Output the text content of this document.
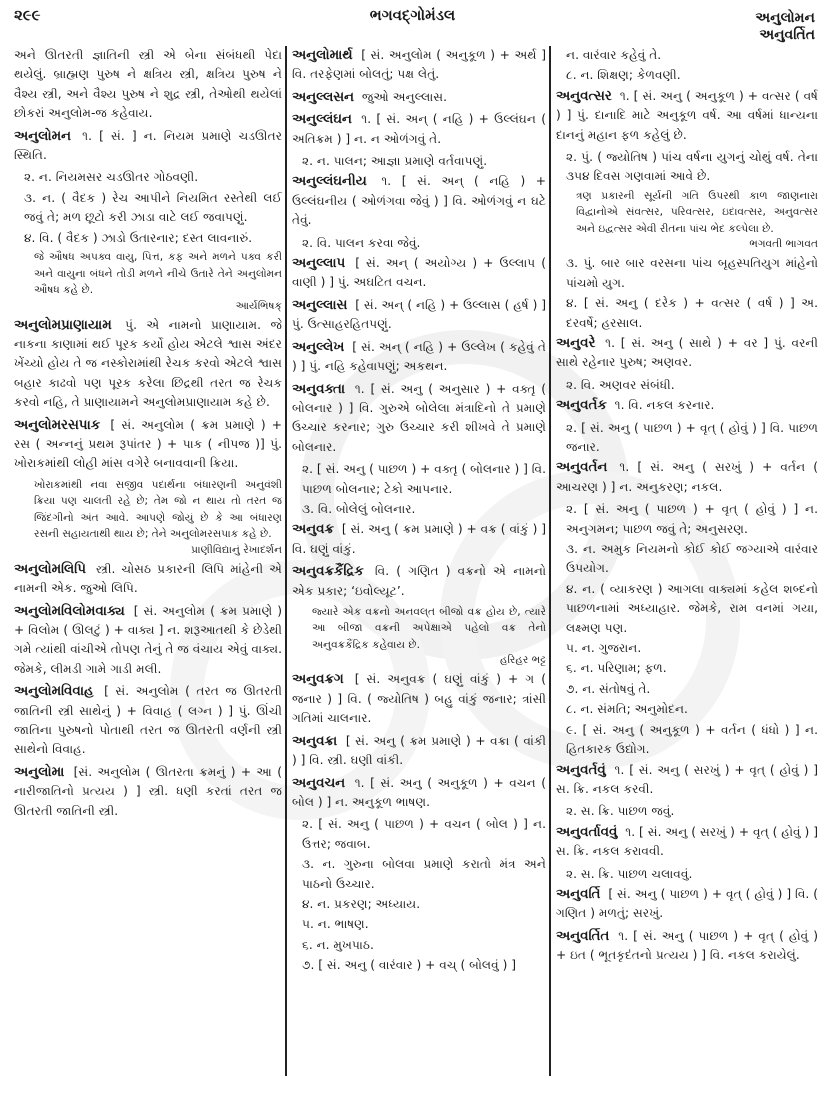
૨૯૯	ભગવદ્ગોમંડલ	અનુલોમન
અનુવર્તિત
અને ઊતરતી જ્ઞાતિની સ્ત્રી એ બેના સંબંધથી પેદા થયેલું. બ્રાહ્મણ પુરુષ ને ક્ષત્રિય સ્ત્રી, ક્ષત્રિય પુરુષ ને વૈશ્ય સ્ત્રી, અને વૈશ્ય પુરુષ ને શુદ્ર સ્ત્રી, તેઓથી થયેલાં છોકરાં અનુલોમ-જ કહેવાય.
અનુલોમન ૧. [ સં. ] ન. નિયમ પ્રમાણે ચડઊતર સ્થિતિ.
૨. ન. નિયમસર ચડઊતર ગોઠવણી.
૩. ન. ( વૈદક ) રેચ આપીને નિયમિત રસ્તેથી લઈ જવું તે; મળ છૂટો કરી ઝાડા વાટે લઈ જવાપણું.
૪. વિ. ( વૈદક ) ઝાડો ઉતારનાર; દસ્ત લાવનારું.
જે ઔષધ અપક્વ વાયુ, પિત્ત, કફ અને મળને પક્વ કરી અને વાયુના બંધને તોડી મળને નીચે ઉતારે તેને અનુલોમન ઔષધ કહે છે.
આર્યભિષક્
અનુલોમપ્રાણાયામ પું. એ નામનો પ્રાણાયામ. જે નાકના કાણામાં થઈ પૂરક કર્યો હોય એટલે શ્વાસ અંદર ખેંચ્યો હોય તે જ નસ્કોરામાંથી રેચક કરવો એટલે શ્વાસ બહાર કાઢવો પણ પૂરક કરેલા છિદ્રથી તરત જ રેચક કરવો નહિ, તે પ્રાણાયામને અનુલોમપ્રાણાયામ કહે છે.
અનુલોમરસપાક [ સં. અનુલોમ ( ક્રમ પ્રમાણે ) + રસ ( અન્નનું પ્રથમ રૂપાંતર ) + પાક ( નીપજ )] પું. ખોરાકમાંથી લોહી માંસ વગેરે બનાવવાની ક્રિયા.
ખોરાકમાંથી નવા સજીવ પદાર્થના બંધારણની અનુવંશી ક્રિયા પણ ચાલતી રહે છે; તેમ જો ન થાય તો તરત જ જિંદગીનો અંત આવે. આપણે જોયું છે કે આ બંધારણ રસની સહાયતાથી થાય છે; તેને અનુલોમરસપાક કહે છે.
પ્રાણીવિદ્યાનું રેખાદર્શન
અનુલોમલિપિ સ્ત્રી. ચોસઠ પ્રકારની લિપિ માંહેની એ નામની એક. જુઓ લિપિ.
અનુલોમવિલોમવાક્ય [ સં. અનુલોમ ( ક્રમ પ્રમાણે ) + વિલોમ ( ઊલટું ) + વાક્ય ] ન. શરૂઆતથી કે છેડેથી ગમે ત્યાંથી વાંચીએ તોપણ તેનું તે જ વંચાય એવું વાક્ય. જેમકે, લીમડી ગામે ગાડી મલી.
અનુલોમવિવાહ [ સં. અનુલોમ ( તરત જ ઊતરતી જાતિની સ્ત્રી સાથેનું ) + વિવાહ ( લગ્ન ) ] પું. ઊંચી જાતિના પુરુષનો પોતાથી તરત જ ઊતરતી વર્ણની સ્ત્રી સાથેનો વિવાહ.
અનુલોમા [સં. અનુલોમ ( ઊતરતા ક્રમનું ) + આ ( નારીજાતિનો પ્રત્યય ) ] સ્ત્રી. ધણી કરતાં તરત જ ઊતરતી જાતિની સ્ત્રી.
અનુલોમાર્થ [ સં. અનુલોમ ( અનુકૂળ ) + અર્થ ] વિ. તરફેણમાં બોલતું; પક્ષ લેતું.
અનુલ્લસન જુઓ અનુલ્લાસ.
અનુલ્લંઘન ૧. [ સં. અન્ ( નહિ ) + ઉલ્લંઘન ( અતિક્રમ ) ] ન. ન ઓળંગવું તે.
૨. ન. પાલન; આજ્ઞા પ્રમાણે વર્તવાપણું.
અનુલ્લંઘનીય ૧. [ સં. અન્ ( નહિ ) + ઉલ્લંઘનીય ( ઓળંગવા જેવું ) ] વિ. ઓળંગવું ન ઘટે તેવું.
૨. વિ. પાલન કરવા જેવું.
અનુલ્લાપ [ સં. અન્ ( અયોગ્ય ) + ઉલ્લાપ ( વાણી ) ] પું. અઘટિત વચન.
અનુલ્લાસ [ સં. અન્ ( નહિ ) + ઉલ્લાસ ( હર્ષ ) ] પું. ઉત્સાહરહિતપણું.
અનુલ્લેખ [ સં. અન્ ( નહિ ) + ઉલ્લેખ ( કહેવું તે ) ] પું. નહિ કહેવાપણું; અકથન.
અનુવક્તા ૧. [ સં. અનુ ( અનુસાર ) + વક્તૃ ( બોલનાર ) ] વિ. ગુરુએ બોલેલા મંત્રાદિનો તે પ્રમાણે ઉચ્ચાર કરનાર; ગુરુ ઉચ્ચાર કરી શીખવે તે પ્રમાણે બોલનાર.
૨. [ સં. અનુ ( પાછળ ) + વક્તૃ ( બોલનાર ) ] વિ. પાછળ બોલનાર; ટેકો આપનાર.
૩. વિ. બોલેલું બોલનાર.
અનુવક્ર [ સં. અનુ ( ક્રમ પ્રમાણે ) + વક્ર ( વાંકું ) ] વિ. ઘણું વાંકું.
અનુવક્રકૈંદ્રિક વિ. ( ગણિત ) વક્રનો એ નામનો એક પ્રકાર; ‘ઇવોલ્યૂટ’.
જ્યારે એક વક્રનો અનવલ્‌ત બીજો વક્ર હોય છે, ત્યારે આ બીજા વક્રની અપેક્ષાએ પહેલો વક્ર તેનો અનુવક્રકૈંદ્રિક કહેવાય છે.
હરિહર ભટ્ટ
અનુવક્રગ [ સં. અનુવક્ર ( ઘણું વાંકું ) + ગ ( જનાર ) ] વિ. ( જ્યોતિષ ) બહુ વાંકું જનાર; ત્રાંસી ગતિમાં ચાલનાર.
અનુવક્રા [ સં. અનુ ( ક્રમ પ્રમાણે ) + વક્રા ( વાંકી ) ] વિ. સ્ત્રી. ઘણી વાંકી.
અનુવચન ૧. [ સં. અનુ ( અનુકૂળ ) + વચન ( બોલ ) ] ન. અનુકૂળ ભાષણ.
૨. [ સં. અનુ ( પાછળ ) + વચન ( બોલ ) ] ન. ઉત્તર; જવાબ.
૩. ન. ગુરુના બોલવા પ્રમાણે કરાતો મંત્ર અને પાઠનો ઉચ્ચાર.
૪. ન. પ્રકરણ; અધ્યાય.
૫. ન. ભાષણ.
૬. ન. મુખપાઠ.
૭. [ સં. અનુ ( વારંવાર ) + વચ્ ( બોલવું ) ]
ન. વારંવાર કહેવું તે.
૮. ન. શિક્ષણ; કેળવણી.
અનુવત્સર ૧. [ સં. અનુ ( અનુકૂળ ) + વત્સર ( વર્ષ ) ] પું. દાનાદિ માટે અનુકૂળ વર્ષ. આ વર્ષમાં ધાન્યના દાનનું મહાન ફળ કહેલું છે.
૨. પું. ( જ્યોતિષ ) પાંચ વર્ષના યુગનું ચોથું વર્ષ. તેના ૩૫૪ દિવસ ગણવામાં આવે છે.
ત્રણ પ્રકારની સૂર્યની ગતિ ઉપરથી કાળ જાણનારા વિદ્વાનોએ સંવત્સર, પરિવત્સર, ઇદાવત્સર, અનુવત્સર અને ઇદ્વત્સર એવી રીતના પાંચ ભેદ કલ્પેલા છે.
ભગવતી ભાગવત
૩. પું. બાર બાર વરસના પાંચ બૃહસ્પતિયુગ માંહેનો પાંચમો યુગ.
૪. [ સં. અનુ ( દરેક ) + વત્સર ( વર્ષ ) ] અ. દરવર્ષે; હરસાલ.
અનુવરે ૧. [ સં. અનુ ( સાથે ) + વર ] પું. વરની સાથે રહેનાર પુરુષ; અણવર.
૨. વિ. અણવર સંબંધી.
અનુવર્તક ૧. વિ. નકલ કરનાર.
૨. [ સં. અનુ ( પાછળ ) + વૃત્ ( હોવું ) ] વિ. પાછળ જનાર.
અનુવર્તન ૧. [ સં. અનુ ( સરખું ) + વર્તન ( આચરણ ) ] ન. અનુકરણ; નકલ.
૨. [ સં. અનુ ( પાછળ ) + વૃત્ ( હોવું ) ] ન. અનુગમન; પાછળ જવું તે; અનુસરણ.
૩. ન. અમુક નિયમનો કોઈ કોઈ જગ્યાએ વારંવાર ઉપયોગ.
૪. ન. ( વ્યાકરણ ) આગલા વાક્યમાં કહેલ શબ્દનો પાછળનામાં અધ્યાહાર. જેમકે, રામ વનમાં ગયા, લક્ષ્મણ પણ.
૫. ન. ગુજરાન.
૬. ન. પરિણામ; ફળ.
૭. ન. સંતોષવું તે.
૮. ન. સંમતિ; અનુમોદન.
૯. [ સં. અનુ ( અનુકૂળ ) + વર્તન ( ધંધો ) ] ન. હિતકારક ઉદ્યોગ.
અનુવર્તવું ૧. [ સં. અનુ ( સરખું ) + વૃત્ ( હોવું ) ] સ. ક્રિ. નકલ કરવી.
૨. સ. ક્રિ. પાછળ જવું.
અનુવર્તાવવું ૧. [ સં. અનુ ( સરખું ) + વૃત્ ( હોવું ) ] સ. ક્રિ. નકલ કરાવવી.
૨. સ. ક્રિ. પાછળ ચલાવવું.
અનુવર્તિ [ સં. અનુ ( પાછળ ) + વૃત્ ( હોવું ) ] વિ. ( ગણિત ) મળતું; સરખું.
અનુવર્તિત ૧. [ સં. અનુ ( પાછળ ) + વૃત્ ( હોવું ) + ઇત ( ભૂતકૃદંતનો પ્રત્યય ) ] વિ. નકલ કરાયેલું.
